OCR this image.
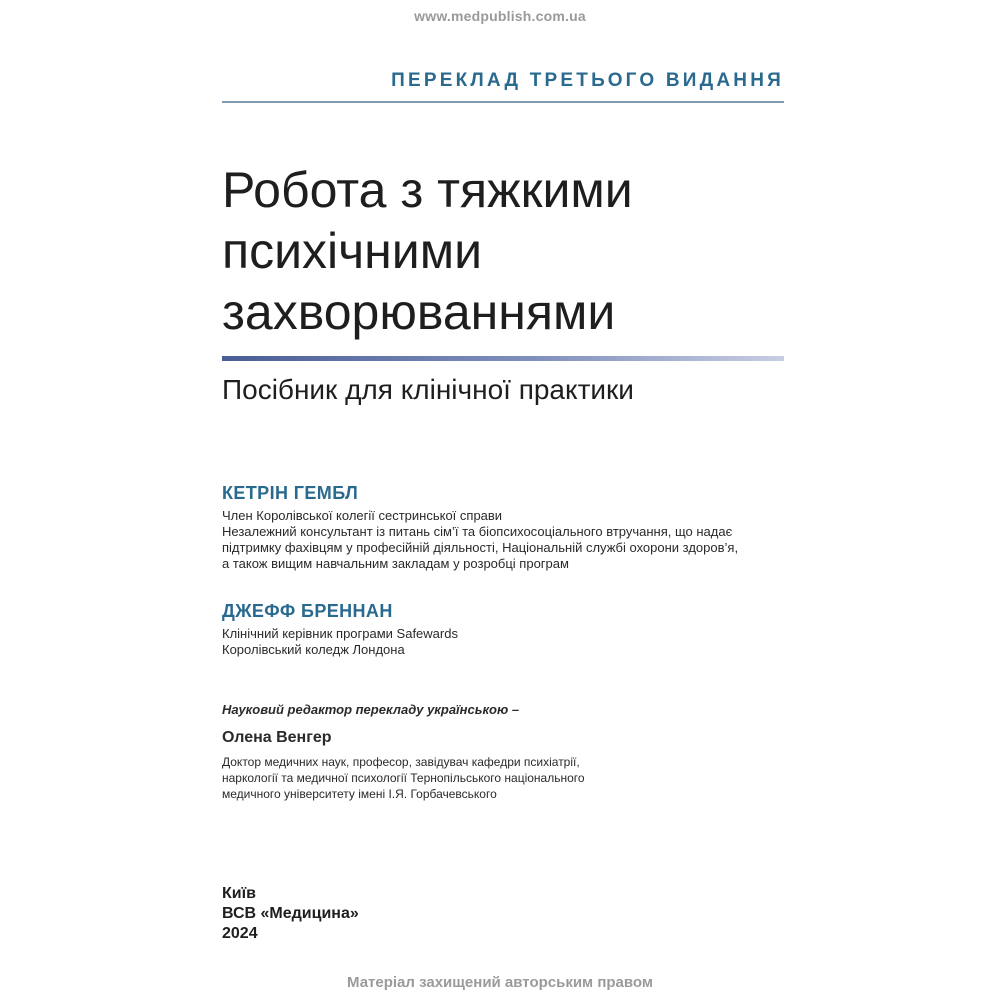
www.medpublish.com.ua
ПЕРЕКЛАД ТРЕТЬОГО ВИДАННЯ
Робота з тяжкими
психічними
захворюваннями
Посібник для клінічної практики
КЕТРІН ГЕМБЛ
Член Королівської колегії сестринської справи
Незалежний консультант із питань сім’ї та біопсихосоціального втручання, що надає
підтримку фахівцям у професійній діяльності, Національній службі охорони здоров’я,
а також вищим навчальним закладам у розробці програм
ДЖЕФФ БРЕННАН
Клінічний керівник програми Safewards
Королівський коледж Лондона
Науковий редактор перекладу українською –
Олена Венгер
Доктор медичних наук, професор, завідувач кафедри психіатрії,
наркології та медичної психології Тернопільського національного
медичного університету імені І.Я. Горбачевського
Київ
ВСВ «Медицина»
2024
Матеріал захищений авторським правом
